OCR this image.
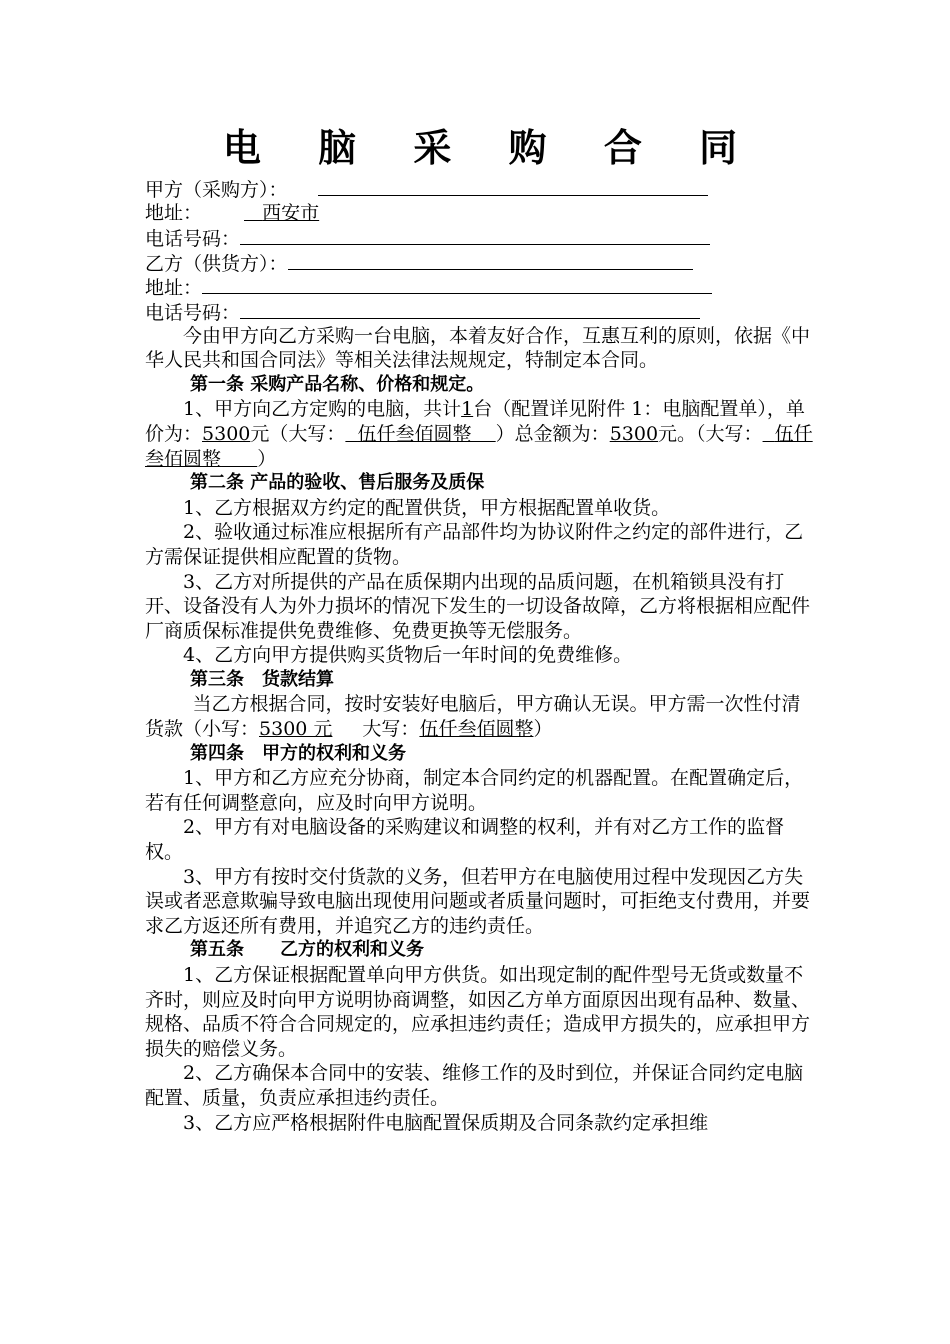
电 脑 采 购 合 同
甲方（采购方）：
地址：	西安市
电话号码：
乙方（供货方）：
地址：
电话号码：

今由甲方向乙方采购一台电脑，本着友好合作，互惠互利的原则，依据《中华人民共和国合同法》等相关法律法规规定，特制定本合同。

第一条 采购产品名称、价格和规定。

1、甲方向乙方定购的电脑，共计1台（配置详见附件 1：电脑配置单），单价为：5300元（大写： 伍仟叁佰圆整 ）总金额为：5300元。（大写： 伍仟叁佰圆整 ）

第二条 产品的验收、售后服务及质保

1、乙方根据双方约定的配置供货，甲方根据配置单收货。

2、验收通过标准应根据所有产品部件均为协议附件之约定的部件进行，乙方需保证提供相应配置的货物。

3、乙方对所提供的产品在质保期内出现的品质问题，在机箱锁具没有打开、设备没有人为外力损坏的情况下发生的一切设备故障，乙方将根据相应配件厂商质保标准提供免费维修、免费更换等无偿服务。

4、乙方向甲方提供购买货物后一年时间的免费维修。

第三条　货款结算

当乙方根据合同，按时安装好电脑后，甲方确认无误。甲方需一次性付清货款（小写：5300 元 大写：伍仟叁佰圆整）

第四条　甲方的权利和义务

1、甲方和乙方应充分协商，制定本合同约定的机器配置。在配置确定后，若有任何调整意向，应及时向甲方说明。

2、甲方有对电脑设备的采购建议和调整的权利，并有对乙方工作的监督权。

3、甲方有按时交付货款的义务，但若甲方在电脑使用过程中发现因乙方失误或者恶意欺骗导致电脑出现使用问题或者质量问题时，可拒绝支付费用，并要求乙方返还所有费用，并追究乙方的违约责任。

第五条　　乙方的权利和义务

1、乙方保证根据配置单向甲方供货。如出现定制的配件型号无货或数量不齐时，则应及时向甲方说明协商调整，如因乙方单方面原因出现有品种、数量、规格、品质不符合合同规定的，应承担违约责任；造成甲方损失的，应承担甲方损失的赔偿义务。

2、乙方确保本合同中的安装、维修工作的及时到位，并保证合同约定电脑配置、质量，负责应承担违约责任。

3、乙方应严格根据附件电脑配置保质期及合同条款约定承担维
